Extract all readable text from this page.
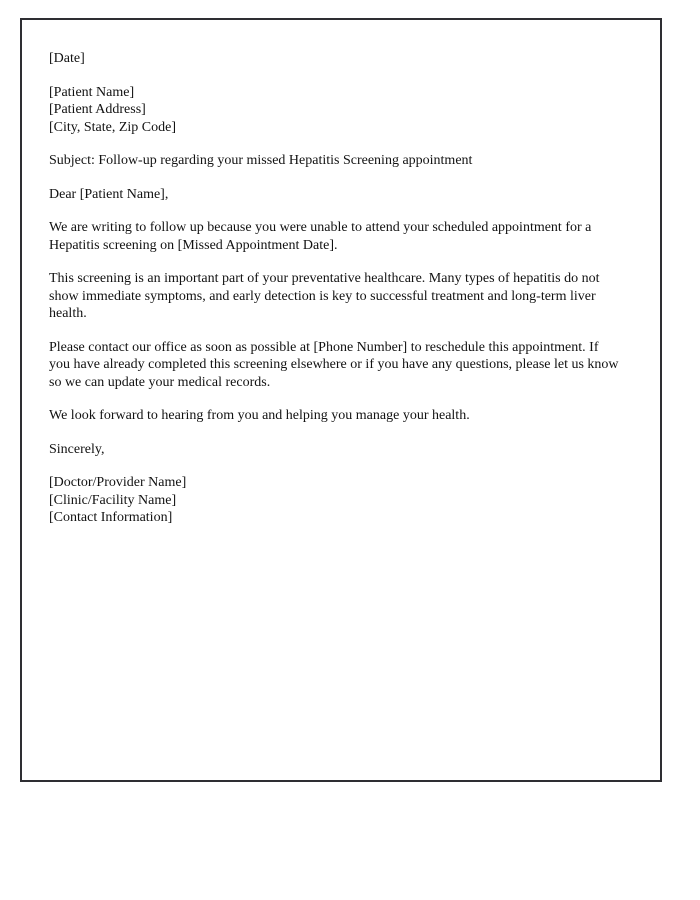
[Date]

[Patient Name]

[Patient Address]

[City, State, Zip Code]

Subject: Follow-up regarding your missed Hepatitis Screening appointment

Dear [Patient Name],

We are writing to follow up because you were unable to attend your scheduled appointment for a Hepatitis screening on [Missed Appointment Date].

This screening is an important part of your preventative healthcare. Many types of hepatitis do not show immediate symptoms, and early detection is key to successful treatment and long-term liver health.

Please contact our office as soon as possible at [Phone Number] to reschedule this appointment. If you have already completed this screening elsewhere or if you have any questions, please let us know so we can update your medical records.

We look forward to hearing from you and helping you manage your health.

Sincerely,

[Doctor/Provider Name]

[Clinic/Facility Name]

[Contact Information]
